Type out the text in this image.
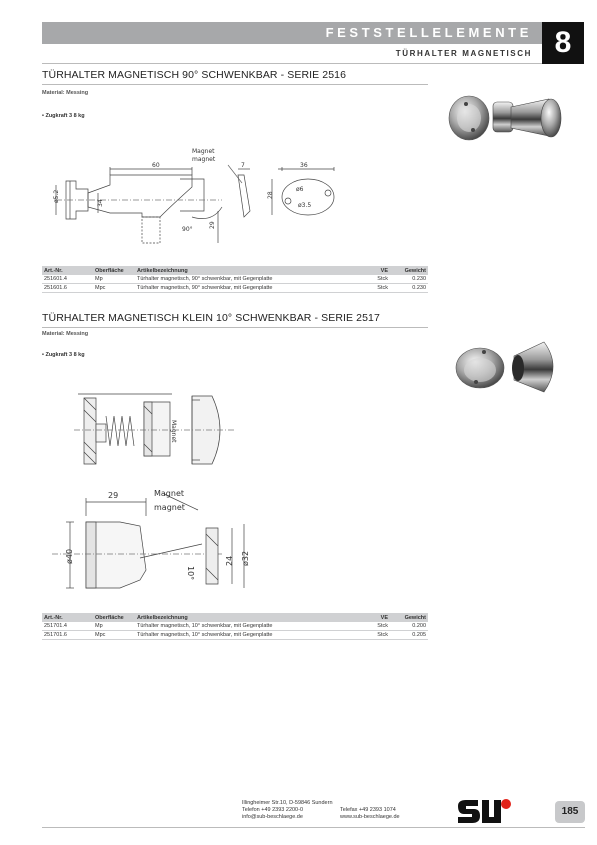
FESTSTELLELEMENTE
TÜRHALTER MAGNETISCH 8
TÜRHALTER MAGNETISCH 90° SCHWENKBAR - SERIE 2516
Material: Messing
• Zugkraft 3 8 kg
Magnet
magnet
ø5.2
60	7	36
34
29
28
ø6
ø3.5
90°
Art.-Nr.	Oberfläche	Artikelbezeichnung	VE	Gewicht
251601.4	Mp	Türhalter magnetisch, 90° schwenkbar, mit Gegenplatte	Stck	0.230
251601.6	Mpc	Türhalter magnetisch, 90° schwenkbar, mit Gegenplatte	Stck	0.230
TÜRHALTER MAGNETISCH KLEIN 10° SCHWENKBAR - SERIE 2517
Material: Messing
• Zugkraft 3 8 kg
Magnet
29	Magnet
magnet
ø40
10°
24 ø32
Art.-Nr.	Oberfläche	Artikelbezeichnung	VE	Gewicht
251701.4	Mp	Türhalter magnetisch, 10° schwenkbar, mit Gegenplatte	Stck	0.200
251701.6	Mpc	Türhalter magnetisch, 10° schwenkbar, mit Gegenplatte	Stck	0.205
Illingheimer Str.10, D-59846 Sundern
Telefon +49 2393 2200-0
info@sub-beschlaege.de
Telefax +49 2393 1074
www.sub-beschlaege.de	185
